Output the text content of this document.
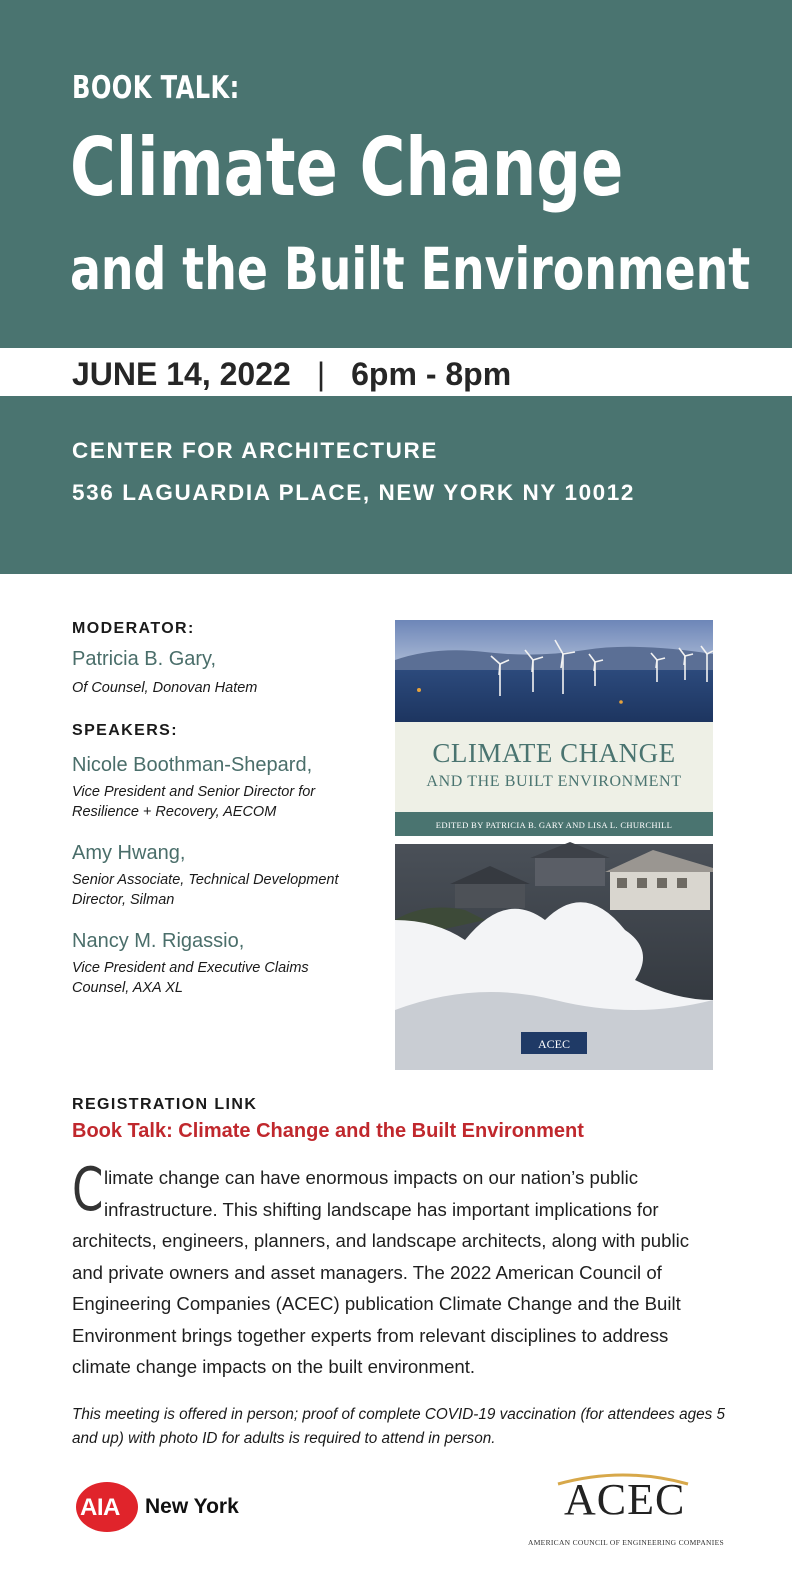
BOOK TALK:
Climate Change
and the Built Environment
JUNE 14, 2022 | 6pm - 8pm
CENTER FOR ARCHITECTURE
536 LAGUARDIA PLACE, NEW YORK NY 10012
MODERATOR:
Patricia B. Gary,
Of Counsel, Donovan Hatem
SPEAKERS:
Nicole Boothman-Shepard,
Vice President and Senior Director for Resilience + Recovery, AECOM
Amy Hwang,
Senior Associate, Technical Development Director, Silman
Nancy M. Rigassio,
Vice President and Executive Claims Counsel, AXA XL
CLIMATE CHANGE
AND THE BUILT ENVIRONMENT
EDITED BY PATRICIA B. GARY AND LISA L. CHURCHILL
ACEC
REGISTRATION LINK
Book Talk: Climate Change and the Built Environment
Climate change can have enormous impacts on our nation’s public infrastructure. This shifting landscape has important implications for architects, engineers, planners, and landscape architects, along with public and private owners and asset managers. The 2022 American Council of Engineering Companies (ACEC) publication Climate Change and the Built Environment brings together experts from relevant disciplines to address climate change impacts on the built environment.
This meeting is offered in person; proof of complete COVID-19 vaccination (for attendees ages 5 and up) with photo ID for adults is required to attend in person.
AIA New York	ACEC
AMERICAN COUNCIL OF ENGINEERING COMPANIES
